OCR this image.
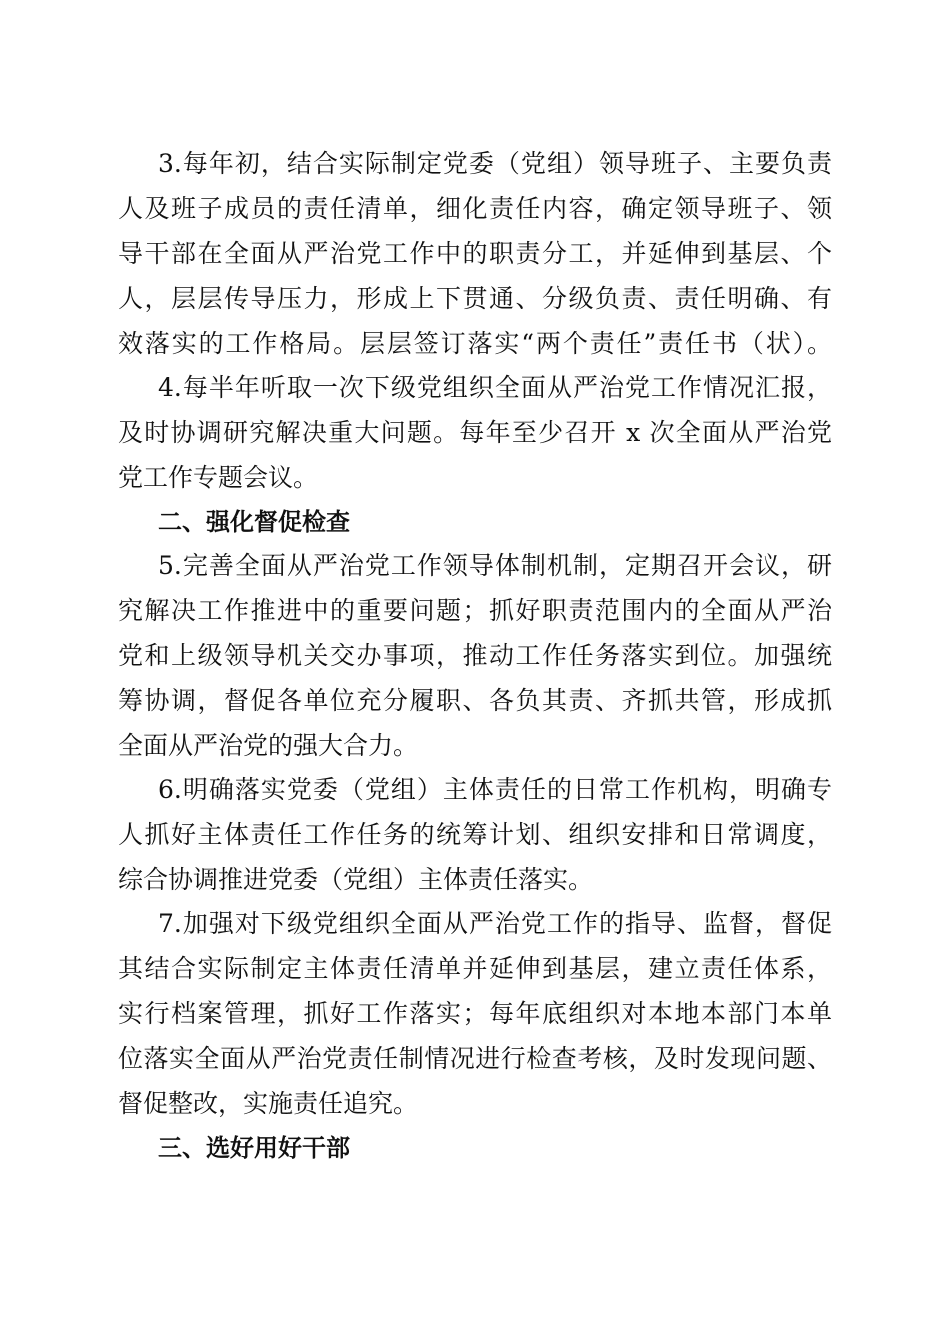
3.每年初，结合实际制定党委（党组）领导班子、主要负责
人及班子成员的责任清单，细化责任内容，确定领导班子、领
导干部在全面从严治党工作中的职责分工，并延伸到基层、个
人，层层传导压力，形成上下贯通、分级负责、责任明确、有
效落实的工作格局。层层签订落实“两个责任”责任书（状）。
4.每半年听取一次下级党组织全面从严治党工作情况汇报，
及时协调研究解决重大问题。每年至少召开 x 次全面从严治党
党工作专题会议。
二、强化督促检查
5.完善全面从严治党工作领导体制机制，定期召开会议，研
究解决工作推进中的重要问题；抓好职责范围内的全面从严治
党和上级领导机关交办事项，推动工作任务落实到位。加强统
筹协调，督促各单位充分履职、各负其责、齐抓共管，形成抓
全面从严治党的强大合力。
6.明确落实党委（党组）主体责任的日常工作机构，明确专
人抓好主体责任工作任务的统筹计划、组织安排和日常调度，
综合协调推进党委（党组）主体责任落实。
7.加强对下级党组织全面从严治党工作的指导、监督，督促
其结合实际制定主体责任清单并延伸到基层，建立责任体系，
实行档案管理，抓好工作落实；每年底组织对本地本部门本单
位落实全面从严治党责任制情况进行检查考核，及时发现问题、
督促整改，实施责任追究。
三、选好用好干部
